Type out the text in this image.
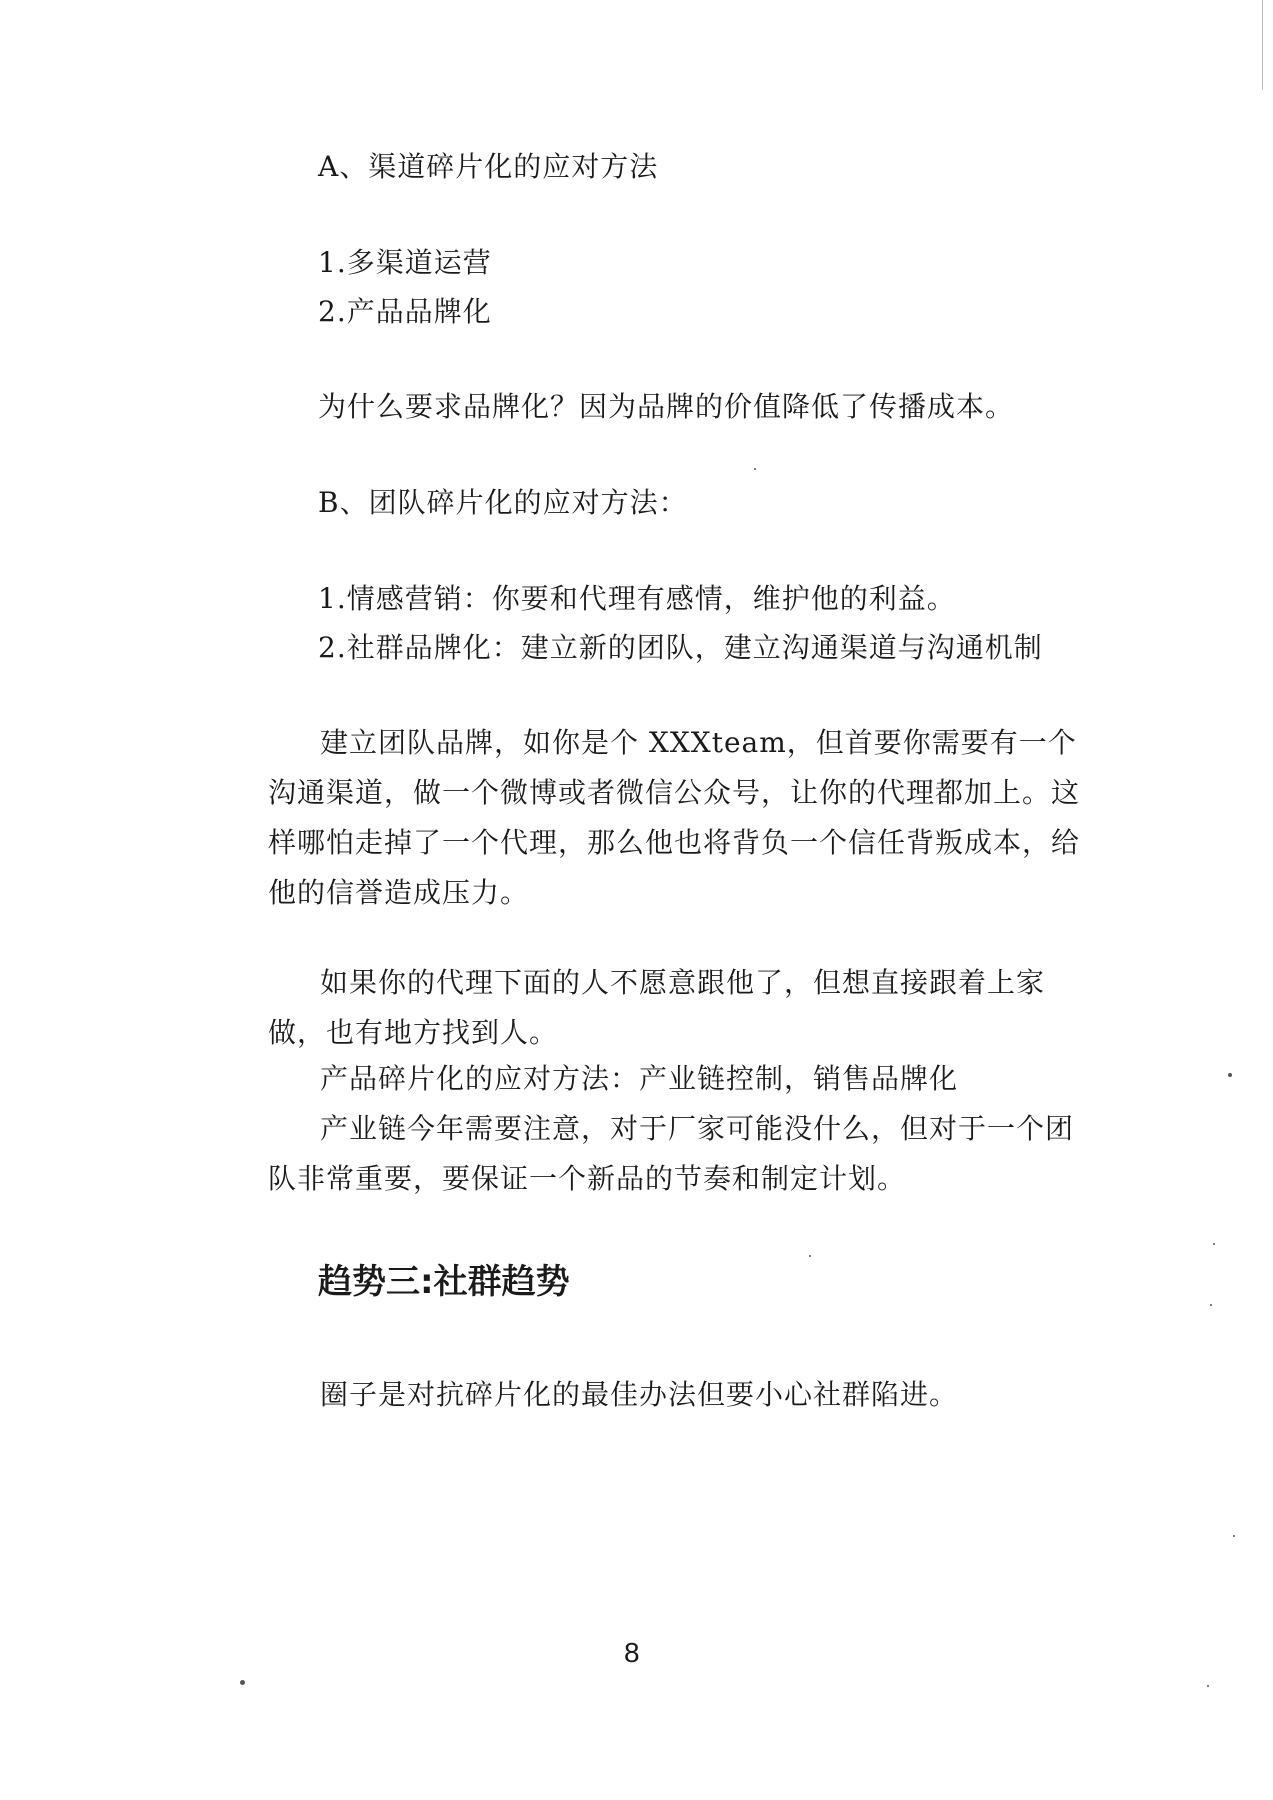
A、渠道碎片化的应对方法
1.多渠道运营
2.产品品牌化
为什么要求品牌化？因为品牌的价值降低了传播成本。
B、团队碎片化的应对方法：
1.情感营销：你要和代理有感情，维护他的利益。
2.社群品牌化：建立新的团队，建立沟通渠道与沟通机制
建立团队品牌，如你是个 XXXteam，但首要你需要有一个沟通渠道，做一个微博或者微信公众号，让你的代理都加上。这样哪怕走掉了一个代理，那么他也将背负一个信任背叛成本，给他的信誉造成压力。
如果你的代理下面的人不愿意跟他了，但想直接跟着上家做，也有地方找到人。
产品碎片化的应对方法：产业链控制，销售品牌化
产业链今年需要注意，对于厂家可能没什么，但对于一个团队非常重要，要保证一个新品的节奏和制定计划。
趋势三:社群趋势
圈子是对抗碎片化的最佳办法但要小心社群陷进。
8
